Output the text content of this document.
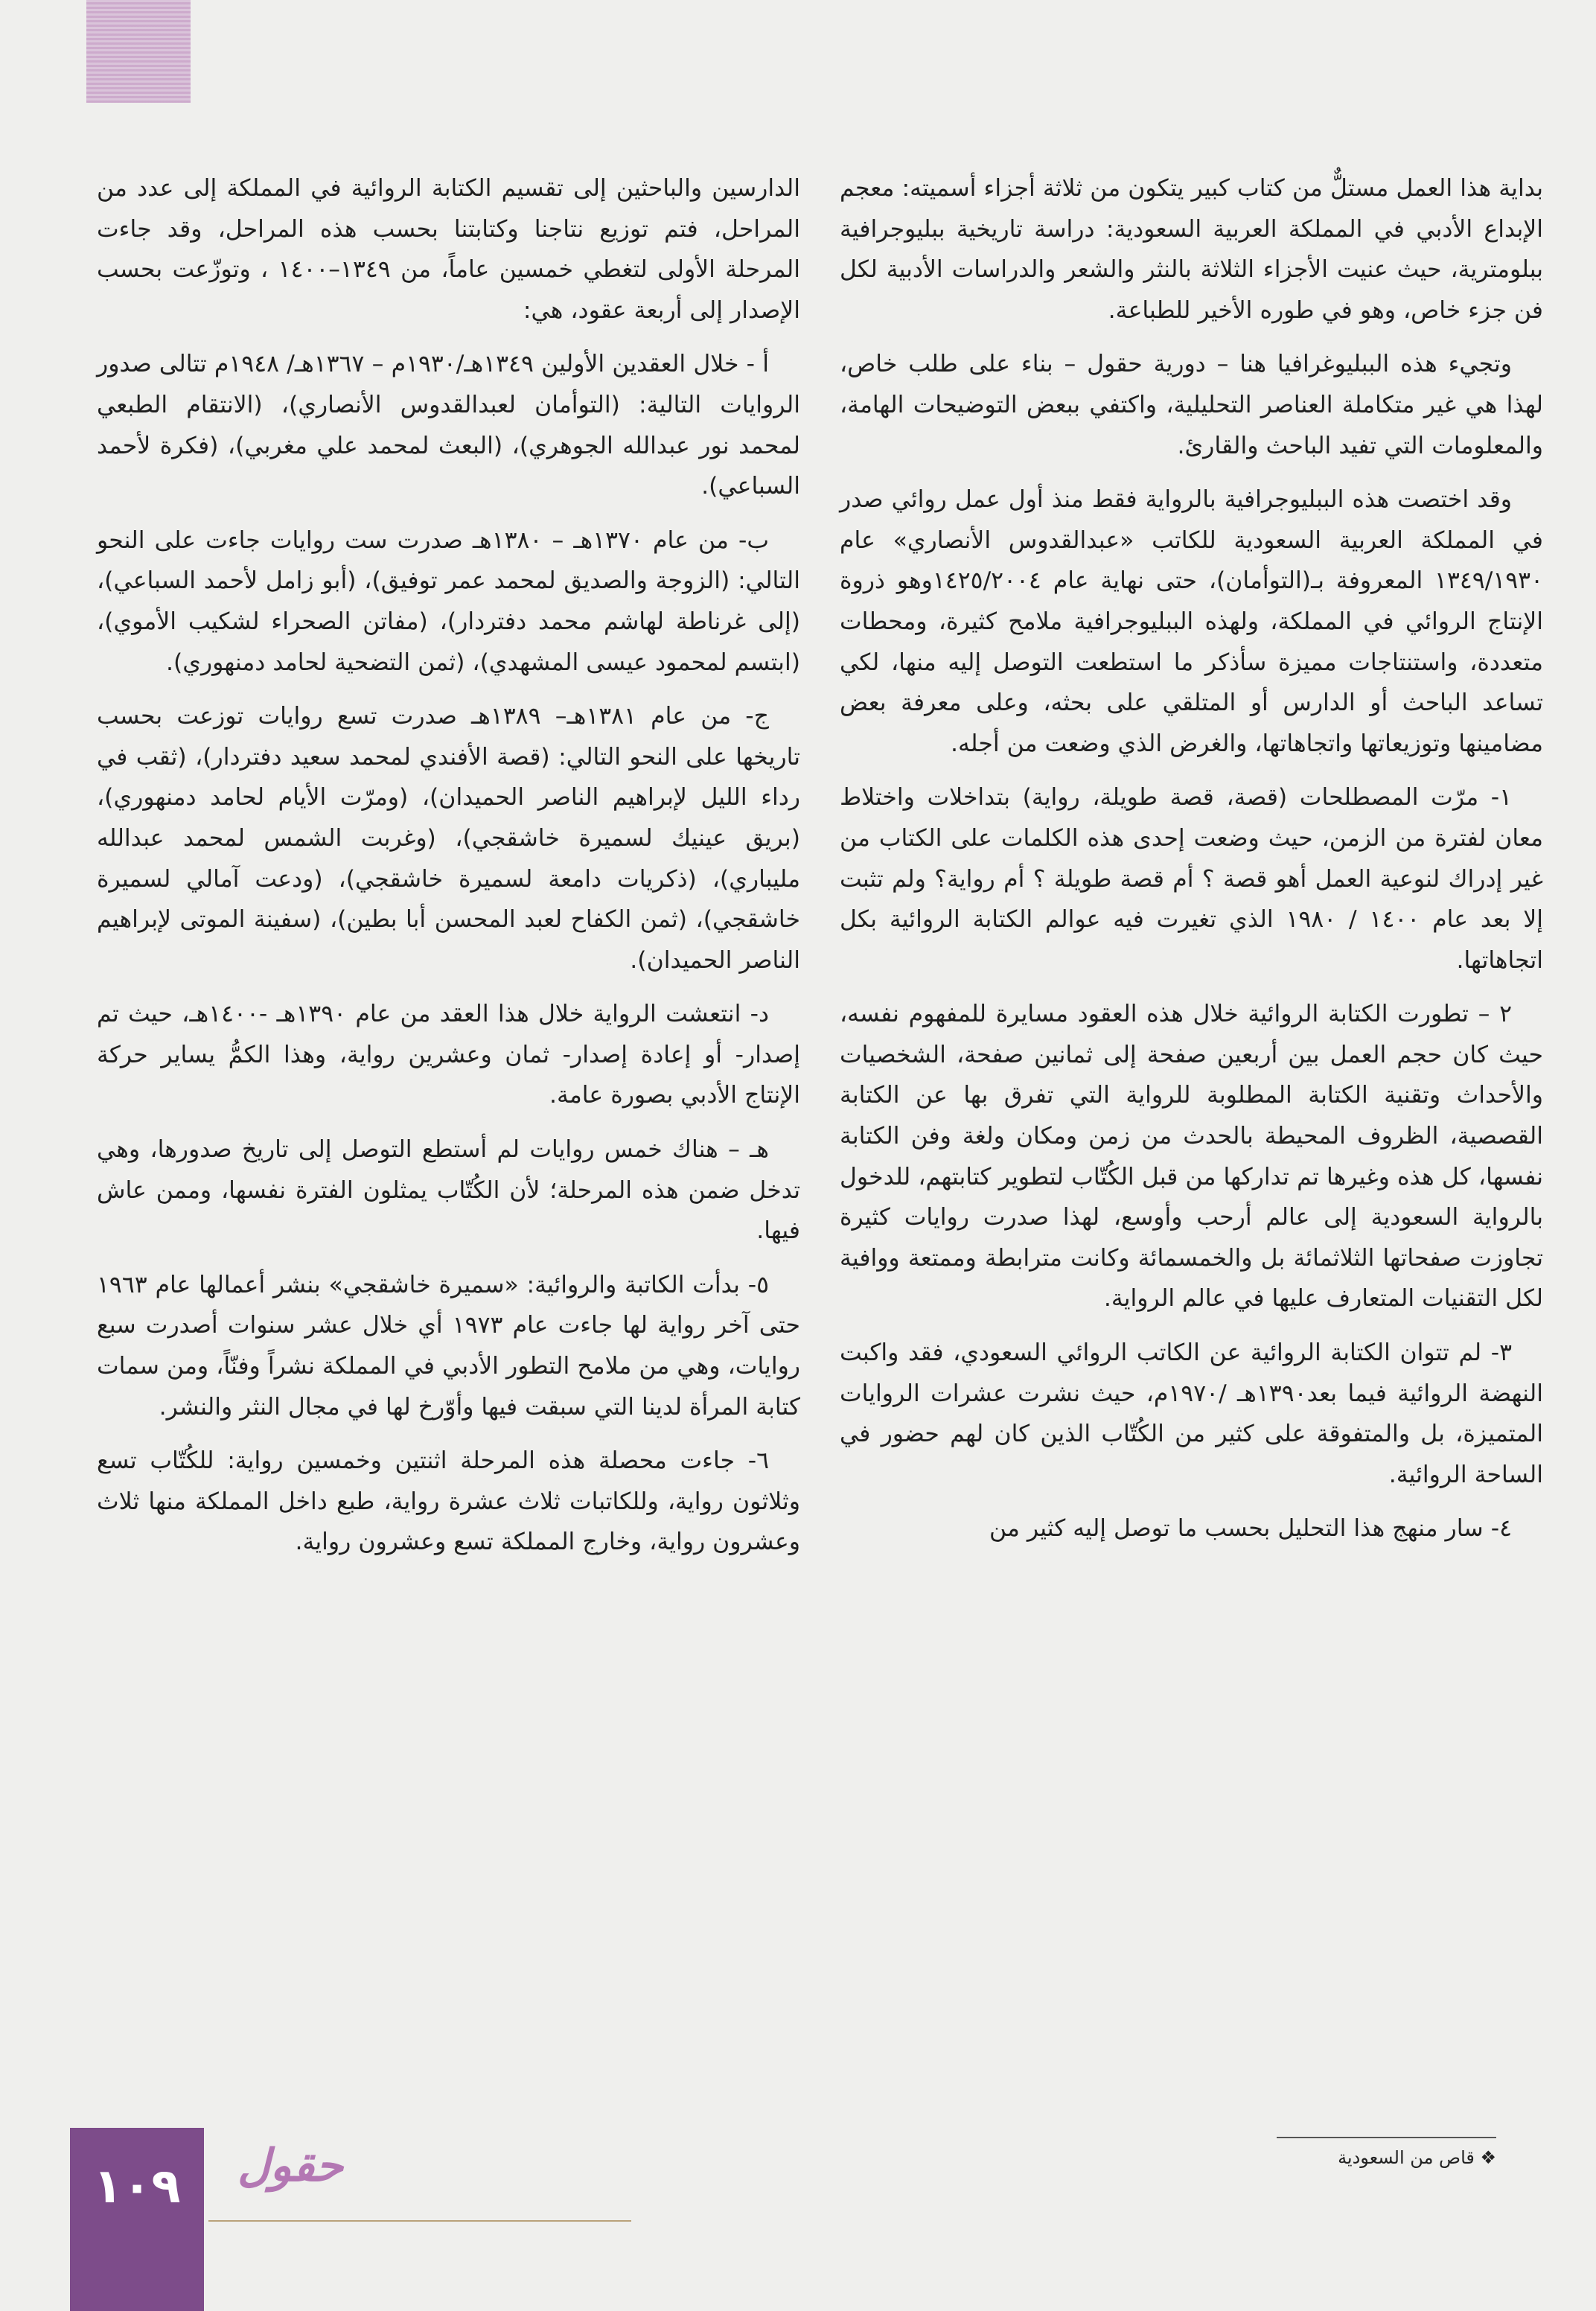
بداية هذا العمل مستلٌّ من كتاب كبير يتكون من ثلاثة أجزاء أسميته: معجم الإبداع الأدبي في المملكة العربية السعودية: دراسة تاريخية ببليوجرافية ببلومترية، حيث عنيت الأجزاء الثلاثة بالنثر والشعر والدراسات الأدبية لكل فن جزء خاص، وهو في طوره الأخير للطباعة.

وتجيء هذه الببليوغرافيا هنا – دورية حقول – بناء على طلب خاص، لهذا هي غير متكاملة العناصر التحليلية، واكتفي ببعض التوضيحات الهامة، والمعلومات التي تفيد الباحث والقارئ.

وقد اختصت هذه الببليوجرافية بالرواية فقط منذ أول عمل روائي صدر في المملكة العربية السعودية للكاتب «عبدالقدوس الأنصاري» عام ١٣٤٩/١٩٣٠ المعروفة بـ(التوأمان)، حتى نهاية عام ١٤٢٥/٢٠٠٤وهو ذروة الإنتاج الروائي في المملكة، ولهذه الببليوجرافية ملامح كثيرة، ومحطات متعددة، واستنتاجات مميزة سأذكر ما استطعت التوصل إليه منها، لكي تساعد الباحث أو الدارس أو المتلقي على بحثه، وعلى معرفة بعض مضامينها وتوزيعاتها واتجاهاتها، والغرض الذي وضعت من أجله.

١- مرّت المصطلحات (قصة، قصة طويلة، رواية) بتداخلات واختلاط معان لفترة من الزمن، حيث وضعت إحدى هذه الكلمات على الكتاب من غير إدراك لنوعية العمل أهو قصة ؟ أم قصة طويلة ؟ أم رواية؟ ولم تثبت إلا بعد عام ١٤٠٠ / ١٩٨٠ الذي تغيرت فيه عوالم الكتابة الروائية بكل اتجاهاتها.

٢ – تطورت الكتابة الروائية خلال هذه العقود مسايرة للمفهوم نفسه، حيث كان حجم العمل بين أربعين صفحة إلى ثمانين صفحة، الشخصيات والأحداث وتقنية الكتابة المطلوبة للرواية التي تفرق بها عن الكتابة القصصية، الظروف المحيطة بالحدث من زمن ومكان ولغة وفن الكتابة نفسها، كل هذه وغيرها تم تداركها من قبل الكُتّاب لتطوير كتابتهم، للدخول بالرواية السعودية إلى عالم أرحب وأوسع، لهذا صدرت روايات كثيرة تجاوزت صفحاتها الثلاثمائة بل والخمسمائة وكانت مترابطة وممتعة ووافية لكل التقنيات المتعارف عليها في عالم الرواية.

٣- لم تتوان الكتابة الروائية عن الكاتب الروائي السعودي، فقد واكبت النهضة الروائية فيما بعد١٣٩٠هـ /١٩٧٠م، حيث نشرت عشرات الروايات المتميزة، بل والمتفوقة على كثير من الكُتّاب الذين كان لهم حضور في الساحة الروائية.

٤- سار منهج هذا التحليل بحسب ما توصل إليه كثير من

الدارسين والباحثين إلى تقسيم الكتابة الروائية في المملكة إلى عدد من المراحل، فتم توزيع نتاجنا وكتابتنا بحسب هذه المراحل، وقد جاءت المرحلة الأولى لتغطي خمسين عاماً، من ١٣٤٩–١٤٠٠ ، وتوزّعت بحسب الإصدار إلى أربعة عقود، هي:

أ - خلال العقدين الأولين ١٣٤٩هـ/١٩٣٠م – ١٣٦٧هـ/ ١٩٤٨م تتالى صدور الروايات التالية: (التوأمان لعبدالقدوس الأنصاري)، (الانتقام الطبعي لمحمد نور عبدالله الجوهري)، (البعث لمحمد علي مغربي)، (فكرة لأحمد السباعي).

ب- من عام ١٣٧٠هـ – ١٣٨٠هـ صدرت ست روايات جاءت على النحو التالي: (الزوجة والصديق لمحمد عمر توفيق)، (أبو زامل لأحمد السباعي)، (إلى غرناطة لهاشم محمد دفتردار)، (مفاتن الصحراء لشكيب الأموي)، (ابتسم لمحمود عيسى المشهدي)، (ثمن التضحية لحامد دمنهوري).

ج- من عام ١٣٨١هـ– ١٣٨٩هـ صدرت تسع روايات توزعت بحسب تاريخها على النحو التالي: (قصة الأفندي لمحمد سعيد دفتردار)، (ثقب في رداء الليل لإبراهيم الناصر الحميدان)، (ومرّت الأيام لحامد دمنهوري)، (بريق عينيك لسميرة خاشقجي)، (وغربت الشمس لمحمد عبدالله مليباري)، (ذكريات دامعة لسميرة خاشقجي)، (ودعت آمالي لسميرة خاشقجي)، (ثمن الكفاح لعبد المحسن أبا بطين)، (سفينة الموتى لإبراهيم الناصر الحميدان).

د- انتعشت الرواية خلال هذا العقد من عام ١٣٩٠هـ -١٤٠٠هـ، حيث تم إصدار- أو إعادة إصدار- ثمان وعشرين رواية، وهذا الكمُّ يساير حركة الإنتاج الأدبي بصورة عامة.

هـ – هناك خمس روايات لم أستطع التوصل إلى تاريخ صدورها، وهي تدخل ضمن هذه المرحلة؛ لأن الكُتّاب يمثلون الفترة نفسها، وممن عاش فيها.

٥- بدأت الكاتبة والروائية: «سميرة خاشقجي» بنشر أعمالها عام ١٩٦٣ حتى آخر رواية لها جاءت عام ١٩٧٣ أي خلال عشر سنوات أصدرت سبع روايات، وهي من ملامح التطور الأدبي في المملكة نشراً وفنّاً، ومن سمات كتابة المرأة لدينا التي سبقت فيها وأوّرخ لها في مجال النثر والنشر.

٦- جاءت محصلة هذه المرحلة اثنتين وخمسين رواية: للكُتّاب تسع وثلاثون رواية، وللكاتبات ثلاث عشرة رواية، طبع داخل المملكة منها ثلاث وعشرون رواية، وخارج المملكة تسع وعشرون رواية.

❖ قاص من السعودية
١٠٩	حقول
